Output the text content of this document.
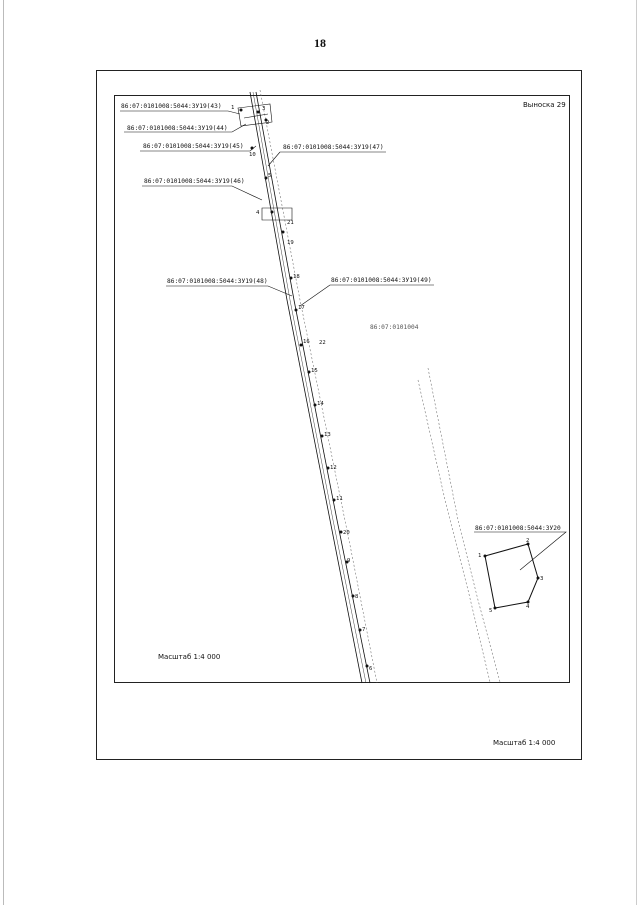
18
1
2
3
4
5
6
7
8
9
10
11
12
13
14
15
16
17
18
19
20
21
22
86:07:0101008:5044:ЗУ19(43)
86:07:0101008:5044:ЗУ19(44)
86:07:0101008:5044:ЗУ19(45)	86:07:0101008:5044:ЗУ19(47)
86:07:0101008:5044:ЗУ19(46)
86:07:0101008:5044:ЗУ19(48)	86:07:0101008:5044:ЗУ19(49)
86:07:0101008:5044:ЗУ20
86:07:0101004
1
2
3
4
5
Выноска 29
Масштаб 1:4 000
Масштаб 1:4 000
